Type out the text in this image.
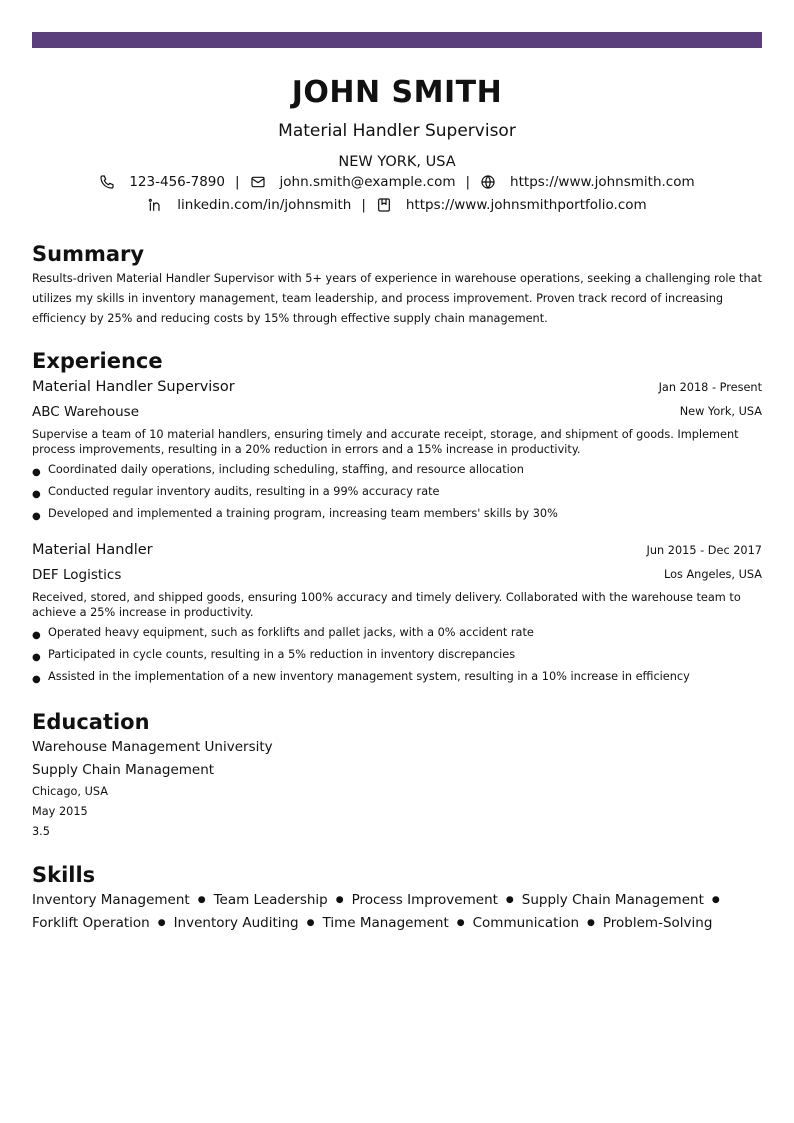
JOHN SMITH
Material Handler Supervisor
NEW YORK, USA
123-456-7890 |	john.smith@example.com |	https://www.johnsmith.com
linkedin.com/in/johnsmith |	https://www.johnsmithportfolio.com
Summary
Results-driven Material Handler Supervisor with 5+ years of experience in warehouse operations, seeking a challenging role that utilizes my skills in inventory management, team leadership, and process improvement. Proven track record of increasing efficiency by 25% and reducing costs by 15% through effective supply chain management.
Experience
Material Handler Supervisor	Jan 2018 - Present
ABC Warehouse	New York, USA
Supervise a team of 10 material handlers, ensuring timely and accurate receipt, storage, and shipment of goods. Implement process improvements, resulting in a 20% reduction in errors and a 15% increase in productivity.
● Coordinated daily operations, including scheduling, staffing, and resource allocation
● Conducted regular inventory audits, resulting in a 99% accuracy rate
● Developed and implemented a training program, increasing team members' skills by 30%
Material Handler	Jun 2015 - Dec 2017
DEF Logistics	Los Angeles, USA
Received, stored, and shipped goods, ensuring 100% accuracy and timely delivery. Collaborated with the warehouse team to achieve a 25% increase in productivity.
● Operated heavy equipment, such as forklifts and pallet jacks, with a 0% accident rate
● Participated in cycle counts, resulting in a 5% reduction in inventory discrepancies
● Assisted in the implementation of a new inventory management system, resulting in a 10% increase in efficiency
Education
Warehouse Management University
Supply Chain Management
Chicago, USA
May 2015
3.5
Skills
Inventory Management ● Team Leadership ● Process Improvement ● Supply Chain Management ●
Forklift Operation ● Inventory Auditing ● Time Management ● Communication ● Problem-Solving
